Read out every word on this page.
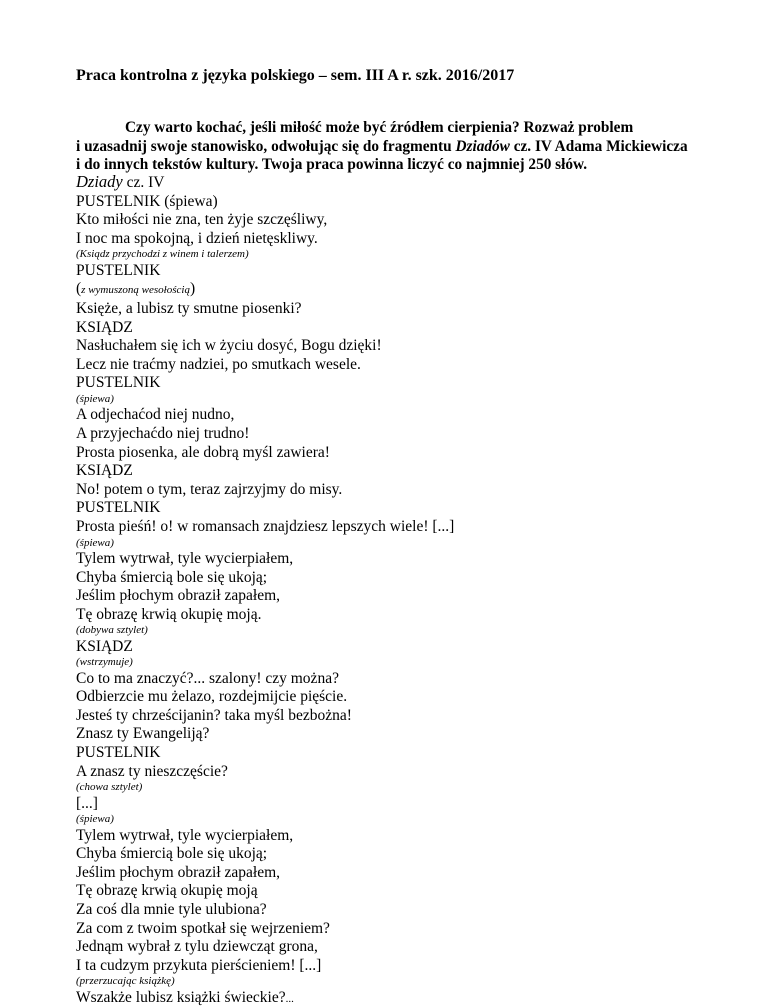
Praca kontrolna z języka polskiego – sem. III A r. szk. 2016/2017
Czy warto kochać, jeśli miłość może być źródłem cierpienia? Rozważ problem
i uzasadnij swoje stanowisko, odwołując się do fragmentu Dziadów cz. IV Adama Mickiewicza
i do innych tekstów kultury. Twoja praca powinna liczyć co najmniej 250 słów.
Dziady cz. IV
PUSTELNIK (śpiewa)
Kto miłości nie zna, ten żyje szczęśliwy,
I noc ma spokojną, i dzień nietęskliwy.
(Ksiądz przychodzi z winem i talerzem)
PUSTELNIK
(z wymuszoną wesołością)
Księże, a lubisz ty smutne piosenki?
KSIĄDZ
Nasłuchałem się ich w życiu dosyć, Bogu dzięki!
Lecz nie traćmy nadziei, po smutkach wesele.
PUSTELNIK
(śpiewa)
A odjechaćod niej nudno,
A przyjechaćdo niej trudno!
Prosta piosenka, ale dobrą myśl zawiera!
KSIĄDZ
No! potem o tym, teraz zajrzyjmy do misy.
PUSTELNIK
Prosta pieśń! o! w romansach znajdziesz lepszych wiele! [...]
(śpiewa)
Tylem wytrwał, tyle wycierpiałem,
Chyba śmiercią bole się ukoją;
Jeślim płochym obraził zapałem,
Tę obrazę krwią okupię moją.
(dobywa sztylet)
KSIĄDZ
(wstrzymuje)
Co to ma znaczyć?... szalony! czy można?
Odbierzcie mu żelazo, rozdejmijcie pięście.
Jesteś ty chrześcijanin? taka myśl bezbożna!
Znasz ty Ewangeliją?
PUSTELNIK
A znasz ty nieszczęście?
(chowa sztylet)
[...]
(śpiewa)
Tylem wytrwał, tyle wycierpiałem,
Chyba śmiercią bole się ukoją;
Jeślim płochym obraził zapałem,
Tę obrazę krwią okupię moją
Za coś dla mnie tyle ulubiona?
Za com z twoim spotkał się wejrzeniem?
Jednąm wybrał z tylu dziewcząt grona,
I ta cudzym przykuta pierścieniem! [...]
(przerzucając książkę)
Wszakże lubisz książki świeckie?...
